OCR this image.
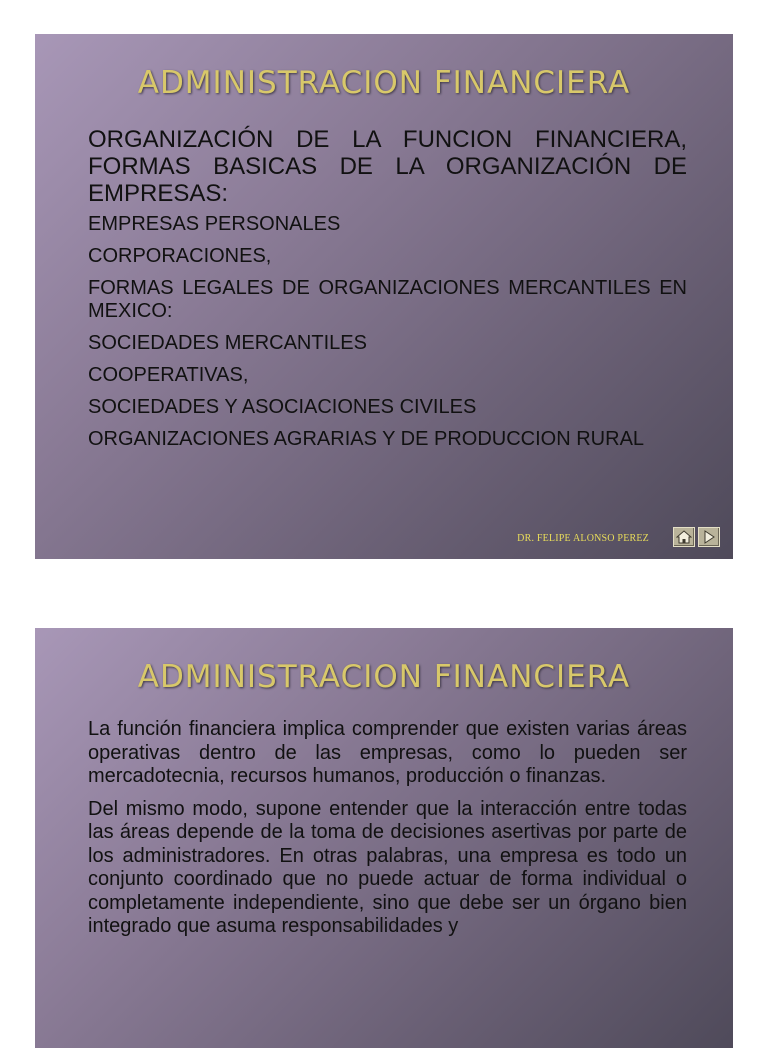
ADMINISTRACION FINANCIERA

ORGANIZACIÓN DE LA FUNCION FINANCIERA, FORMAS BASICAS DE LA ORGANIZACIÓN DE EMPRESAS:

EMPRESAS PERSONALES

CORPORACIONES,

FORMAS LEGALES DE ORGANIZACIONES MERCANTILES EN MEXICO:

SOCIEDADES MERCANTILES

COOPERATIVAS,

SOCIEDADES Y ASOCIACIONES CIVILES

ORGANIZACIONES AGRARIAS Y DE PRODUCCION RURAL

DR. FELIPE ALONSO PEREZ
ADMINISTRACION FINANCIERA

La función financiera implica comprender que existen varias áreas operativas dentro de las empresas, como lo pueden ser mercadotecnia, recursos humanos, producción o finanzas.

Del mismo modo, supone entender que la interacción entre todas las áreas depende de la toma de decisiones asertivas por parte de los administradores. En otras palabras, una empresa es todo un conjunto coordinado que no puede actuar de forma individual o completamente independiente, sino que debe ser un órgano bien integrado que asuma responsabilidades y
